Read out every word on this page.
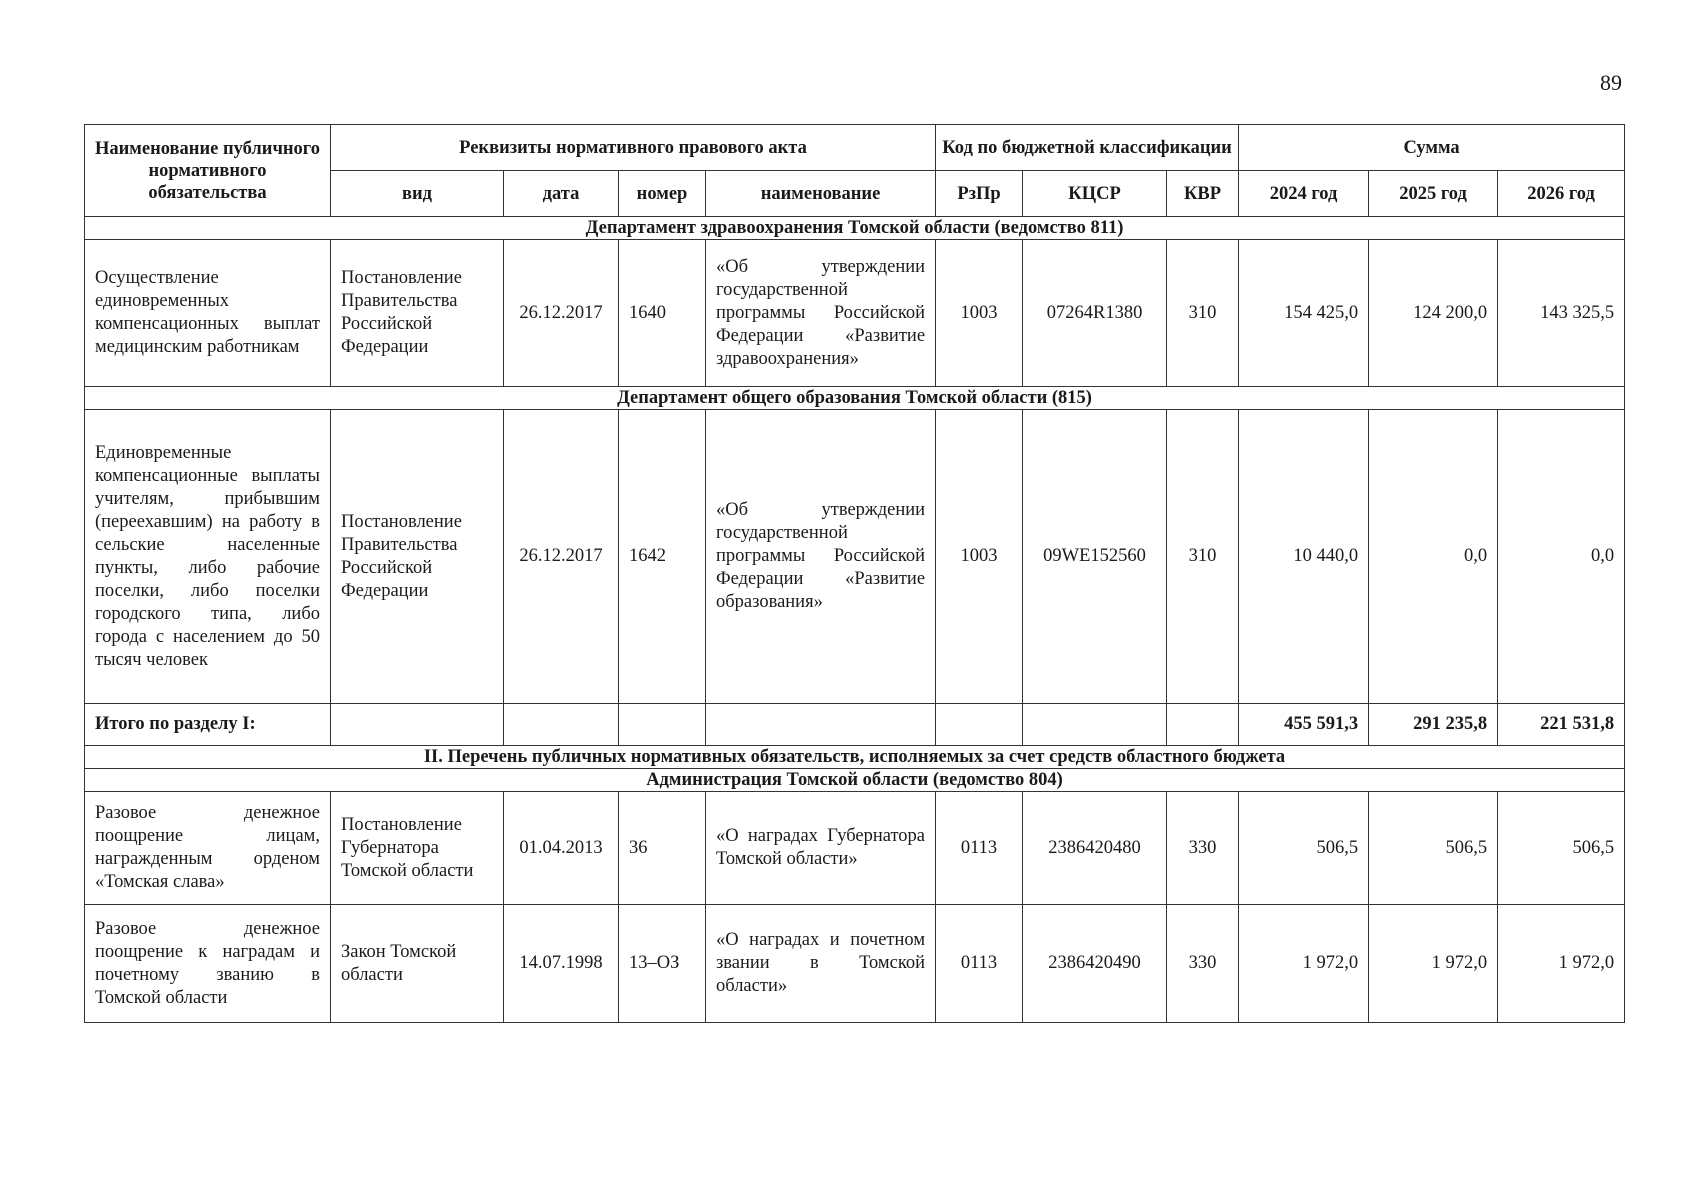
89
Наименование публичного нормативного обязательства	Реквизиты нормативного правового акта				Код по бюджетной классификации			Сумма		
	вид	дата	номер	наименование	РзПр	КЦСР	КВР	2024 год	2025 год	2026 год
Департамент здравоохранения Томской области (ведомство 811)										
Осуществление единовременных компенсационных выплат медицинским работникам	Постановление Правительства Российской Федерации	26.12.2017	1640	«Об утверждении государственной программы Российской Федерации «Развитие здравоохранения»	1003	07264R1380	310	154 425,0	124 200,0	143 325,5
Департамент общего образования Томской области (815)										
Единовременные компенсационные выплаты учителям, прибывшим (переехавшим) на работу в сельские населенные пункты, либо рабочие поселки, либо поселки городского типа, либо города с населением до 50 тысяч человек	Постановление Правительства Российской Федерации	26.12.2017	1642	«Об утверждении государственной программы Российской Федерации «Развитие образования»	1003	09WE152560	310	10 440,0	0,0	0,0
Итого по разделу I:								455 591,3	291 235,8	221 531,8
II. Перечень публичных нормативных обязательств, исполняемых за счет средств областного бюджета										
Администрация Томской области (ведомство 804)										
Разовое денежное поощрение лицам, награжденным орденом «Томская слава»	Постановление Губернатора Томской области	01.04.2013	36	«О наградах Губернатора Томской области»	0113	2386420480	330	506,5	506,5	506,5
Разовое денежное поощрение к наградам и почетному званию в Томской области	Закон Томской области	14.07.1998	13–ОЗ	«О наградах и почетном звании в Томской области»	0113	2386420490	330	1 972,0	1 972,0	1 972,0
